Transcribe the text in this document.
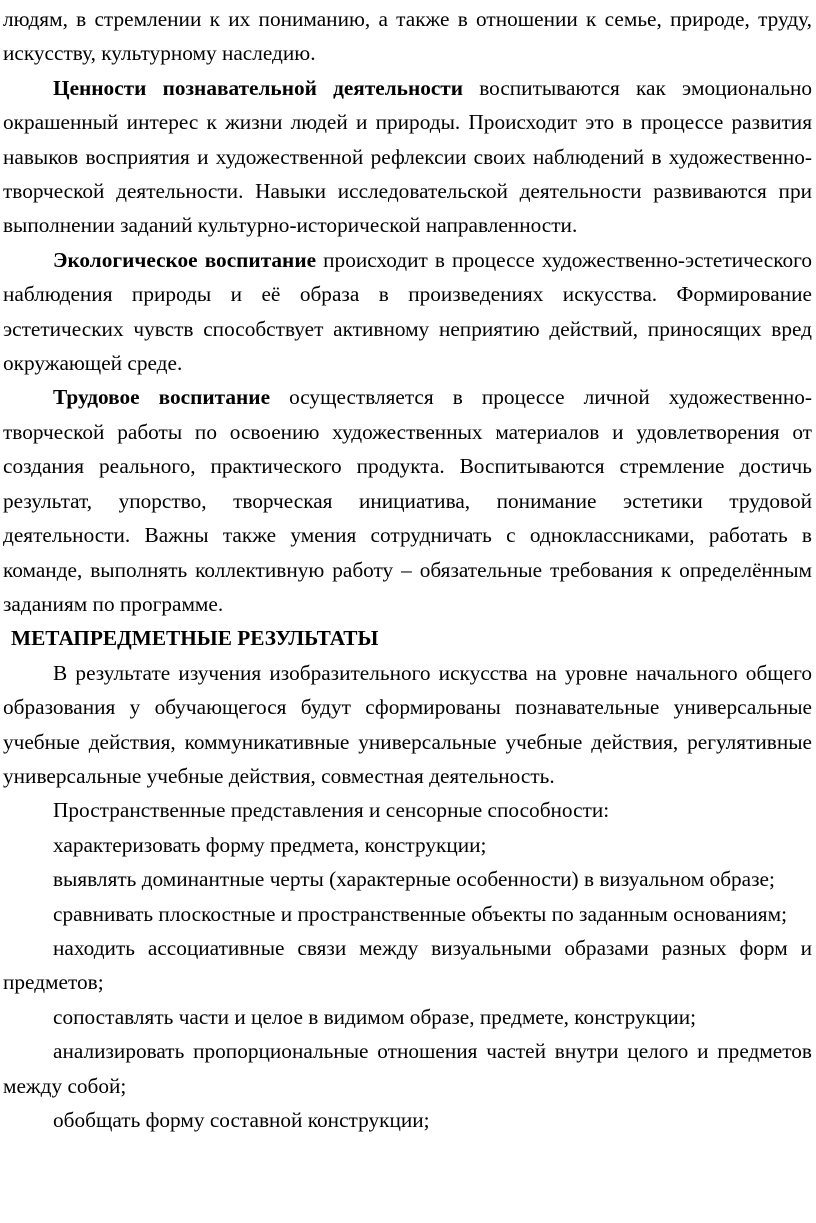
людям, в стремлении к их пониманию, а также в отношении к семье, природе, труду, искусству, культурному наследию.

Ценности познавательной деятельности воспитываются как эмоционально окрашенный интерес к жизни людей и природы. Происходит это в процессе развития навыков восприятия и художественной рефлексии своих наблюдений в художественно-творческой деятельности. Навыки исследовательской деятельности развиваются при выполнении заданий культурно-исторической направленности.

Экологическое воспитание происходит в процессе художественно-эстетического наблюдения природы и её образа в произведениях искусства. Формирование эстетических чувств способствует активному неприятию действий, приносящих вред окружающей среде.

Трудовое воспитание осуществляется в процессе личной художественно-творческой работы по освоению художественных материалов и удовлетворения от создания реального, практического продукта. Воспитываются стремление достичь результат, упорство, творческая инициатива, понимание эстетики трудовой деятельности. Важны также умения сотрудничать с одноклассниками, работать в команде, выполнять коллективную работу – обязательные требования к определённым заданиям по программе.

МЕТАПРЕДМЕТНЫЕ РЕЗУЛЬТАТЫ

В результате изучения изобразительного искусства на уровне начального общего образования у обучающегося будут сформированы познавательные универсальные учебные действия, коммуникативные универсальные учебные действия, регулятивные универсальные учебные действия, совместная деятельность.

Пространственные представления и сенсорные способности:

характеризовать форму предмета, конструкции;

выявлять доминантные черты (характерные особенности) в визуальном образе;

сравнивать плоскостные и пространственные объекты по заданным основаниям;

находить ассоциативные связи между визуальными образами разных форм и предметов;

сопоставлять части и целое в видимом образе, предмете, конструкции;

анализировать пропорциональные отношения частей внутри целого и предметов между собой;

обобщать форму составной конструкции;
